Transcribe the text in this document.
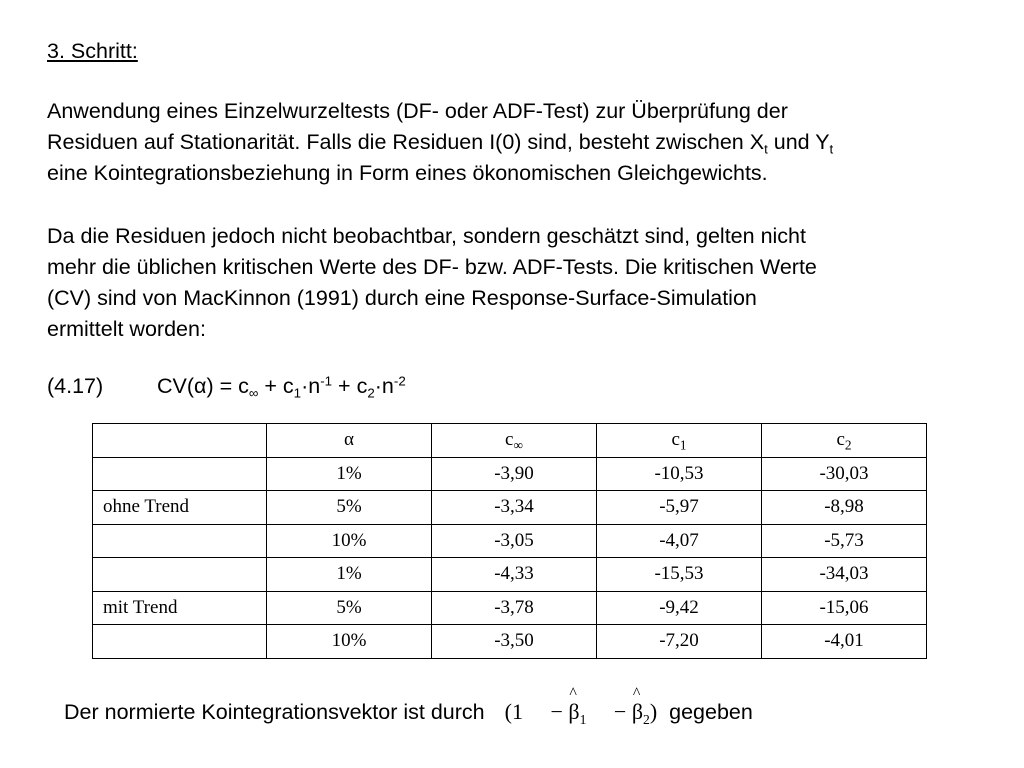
3. Schritt:
Anwendung eines Einzelwurzeltests (DF- oder ADF-Test) zur Überprüfung der
Residuen auf Stationarität. Falls die Residuen I(0) sind, besteht zwischen $X_t$ und $Y_t$
eine Kointegrationsbeziehung in Form eines ökonomischen Gleichgewichts.
Da die Residuen jedoch nicht beobachtbar, sondern geschätzt sind, gelten nicht
mehr die üblichen kritischen Werte des DF- bzw. ADF-Tests. Die kritischen Werte
(CV) sind von MacKinnon (1991) durch eine Response-Surface-Simulation
ermittelt worden:
(4.17)	$CV(\alpha) = c_\infty + c_1\cdot n^{-1} + c_2\cdot n^{-2}$
	α	$c_\infty$	$c_1$	$c_2$
	1%	-3,90	-10,53	-30,03
ohne Trend	5%	-3,34	-5,97	-8,98
	10%	-3,05	-4,07	-5,73
	1%	-4,33	-15,53	-34,03
mit Trend	5%	-3,78	-9,42	-15,06
	10%	-3,50	-7,20	-4,01
Der normierte Kointegrationsvektor ist durch (1 − ^ $\beta_1$ − ^ $\beta_2$) gegeben
